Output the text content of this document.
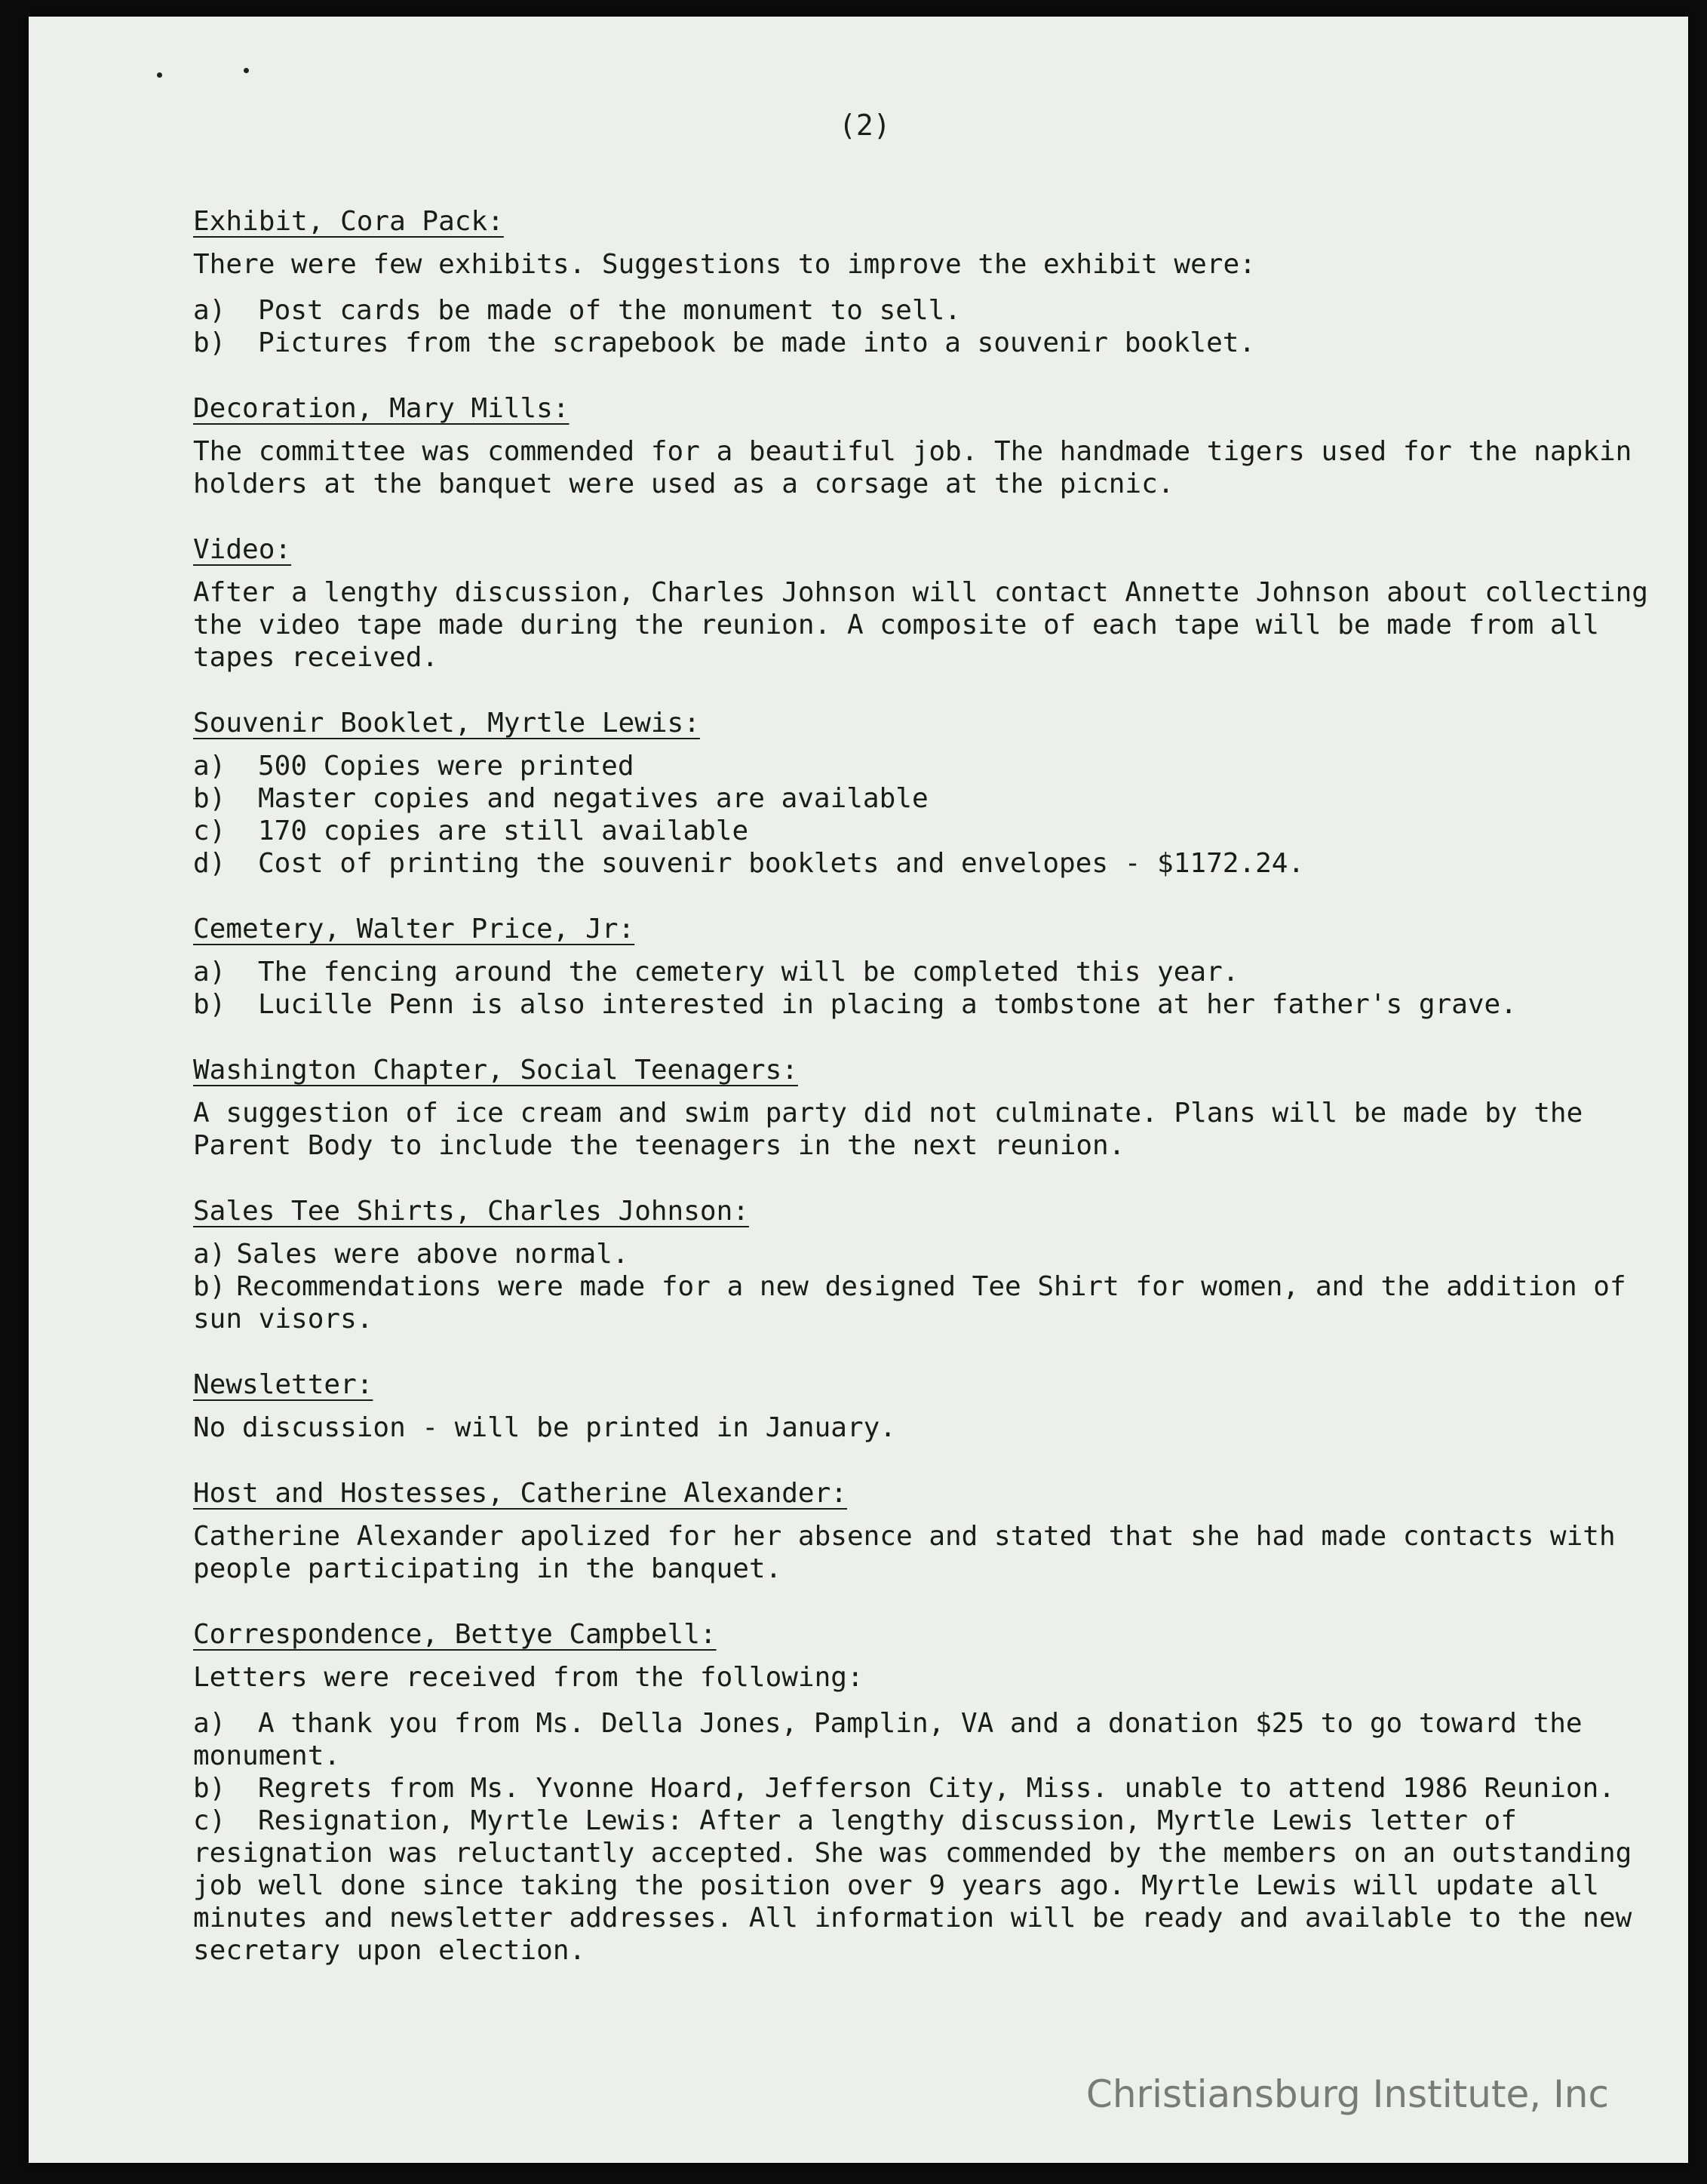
(2)
Exhibit, Cora Pack:

There were few exhibits. Suggestions to improve the exhibit were:

a) Post cards be made of the monument to sell.
b) Pictures from the scrapebook be made into a souvenir booklet.
Decoration, Mary Mills:

The committee was commended for a beautiful job. The handmade tigers used for the napkin holders at the banquet were used as a corsage at the picnic.

Video:

After a lengthy discussion, Charles Johnson will contact Annette Johnson about collecting the video tape made during the reunion. A composite of each tape will be made from all tapes received.

Souvenir Booklet, Myrtle Lewis:
a) 500 Copies were printed
b) Master copies and negatives are available
c) 170 copies are still available
d) Cost of printing the souvenir booklets and envelopes - $1172.24.
Cemetery, Walter Price, Jr:
a) The fencing around the cemetery will be completed this year.
b) Lucille Penn is also interested in placing a tombstone at her father's grave.
Washington Chapter, Social Teenagers:

A suggestion of ice cream and swim party did not culminate. Plans will be made by the Parent Body to include the teenagers in the next reunion.

Sales Tee Shirts, Charles Johnson:
a) Sales were above normal.
b) Recommendations were made for a new designed Tee Shirt for women, and the addition of sun visors.
Newsletter:

No discussion - will be printed in January.

Host and Hostesses, Catherine Alexander:

Catherine Alexander apolized for her absence and stated that she had made contacts with people participating in the banquet.

Correspondence, Bettye Campbell:

Letters were received from the following:

a) A thank you from Ms. Della Jones, Pamplin, VA and a donation $25 to go toward the monument.
b) Regrets from Ms. Yvonne Hoard, Jefferson City, Miss. unable to attend 1986 Reunion.
c) Resignation, Myrtle Lewis: After a lengthy discussion, Myrtle Lewis letter of resignation was reluctantly accepted. She was commended by the members on an outstanding job well done since taking the position over 9 years ago. Myrtle Lewis will update all minutes and newsletter addresses. All information will be ready and available to the new secretary upon election.
Christiansburg Institute, Inc
